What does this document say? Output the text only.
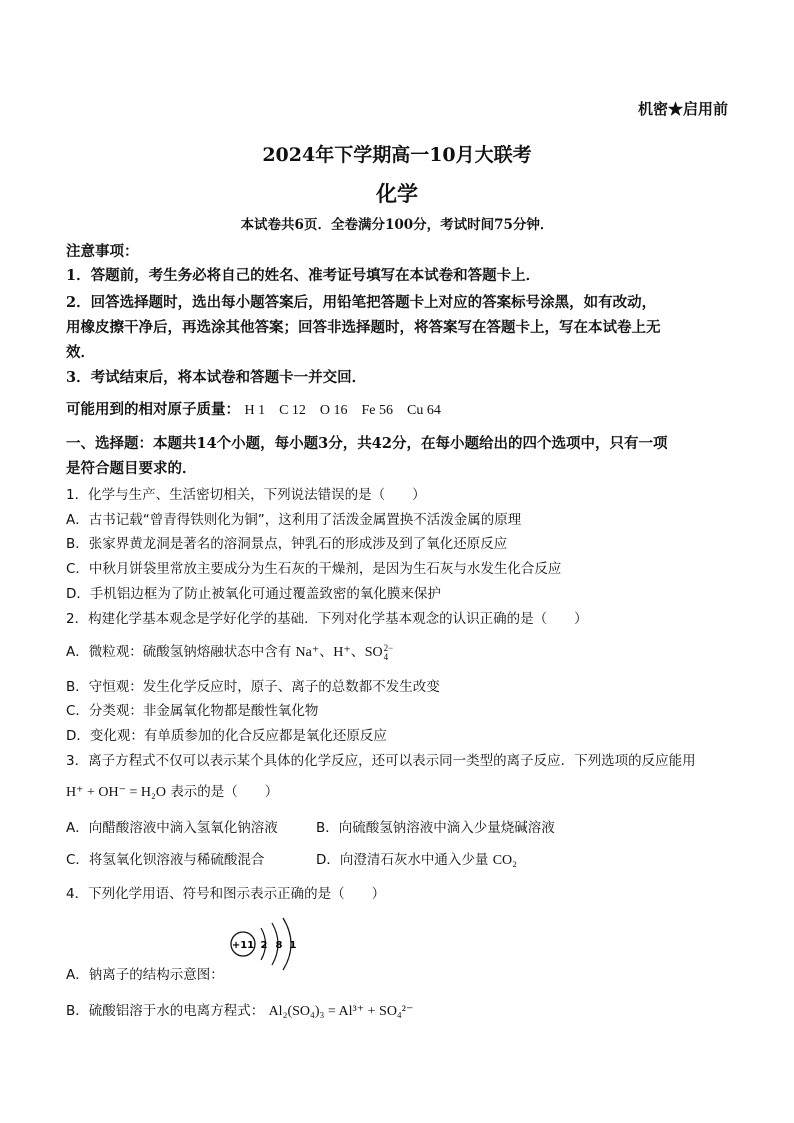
机密★启用前
2024年下学期高一10月大联考
化学
本试卷共6页．全卷满分100分，考试时间75分钟．
注意事项：
1．答题前，考生务必将自己的姓名、准考证号填写在本试卷和答题卡上．
2．回答选择题时，选出每小题答案后，用铅笔把答题卡上对应的答案标号涂黑，如有改动，
用橡皮擦干净后，再选涂其他答案；回答非选择题时，将答案写在答题卡上，写在本试卷上无
效．
3．考试结束后，将本试卷和答题卡一并交回．
可能用到的相对原子质量： H 1　C 12　O 16　Fe 56　Cu 64
一、选择题：本题共14个小题，每小题3分，共42分，在每小题给出的四个选项中，只有一项
是符合题目要求的．
1．化学与生产、生活密切相关，下列说法错误的是（　　）
A．古书记载“曾青得铁则化为铜”，这利用了活泼金属置换不活泼金属的原理
B．张家界黄龙洞是著名的溶洞景点，钟乳石的形成涉及到了氧化还原反应
C．中秋月饼袋里常放主要成分为生石灰的干燥剂，是因为生石灰与水发生化合反应
D．手机铝边框为了防止被氧化可通过覆盖致密的氧化膜来保护
2．构建化学基本观念是学好化学的基础．下列对化学基本观念的认识正确的是（　　）
A．微粒观：硫酸氢钠熔融状态中含有 Na⁺、H⁺、SO 2−
4
B．守恒观：发生化学反应时，原子、离子的总数都不发生改变
C．分类观：非金属氧化物都是酸性氧化物
D．变化观：有单质参加的化合反应都是氧化还原反应
3．离子方程式不仅可以表示某个具体的化学反应，还可以表示同一类型的离子反应．下列选项的反应能用
H⁺ + OH⁻ = H₂O 表示的是（　　）
A．向醋酸溶液中滴入氢氧化钠溶液	B．向硫酸氢钠溶液中滴入少量烧碱溶液
C．将氢氧化钡溶液与稀硫酸混合	D．向澄清石灰水中通入少量 CO₂
4．下列化学用语、符号和图示表示正确的是（　　）
+11 2 8 1
A．钠离子的结构示意图：
B．硫酸铝溶于水的电离方程式： Al₂(SO₄)₃ = Al³⁺ + SO₄²⁻
